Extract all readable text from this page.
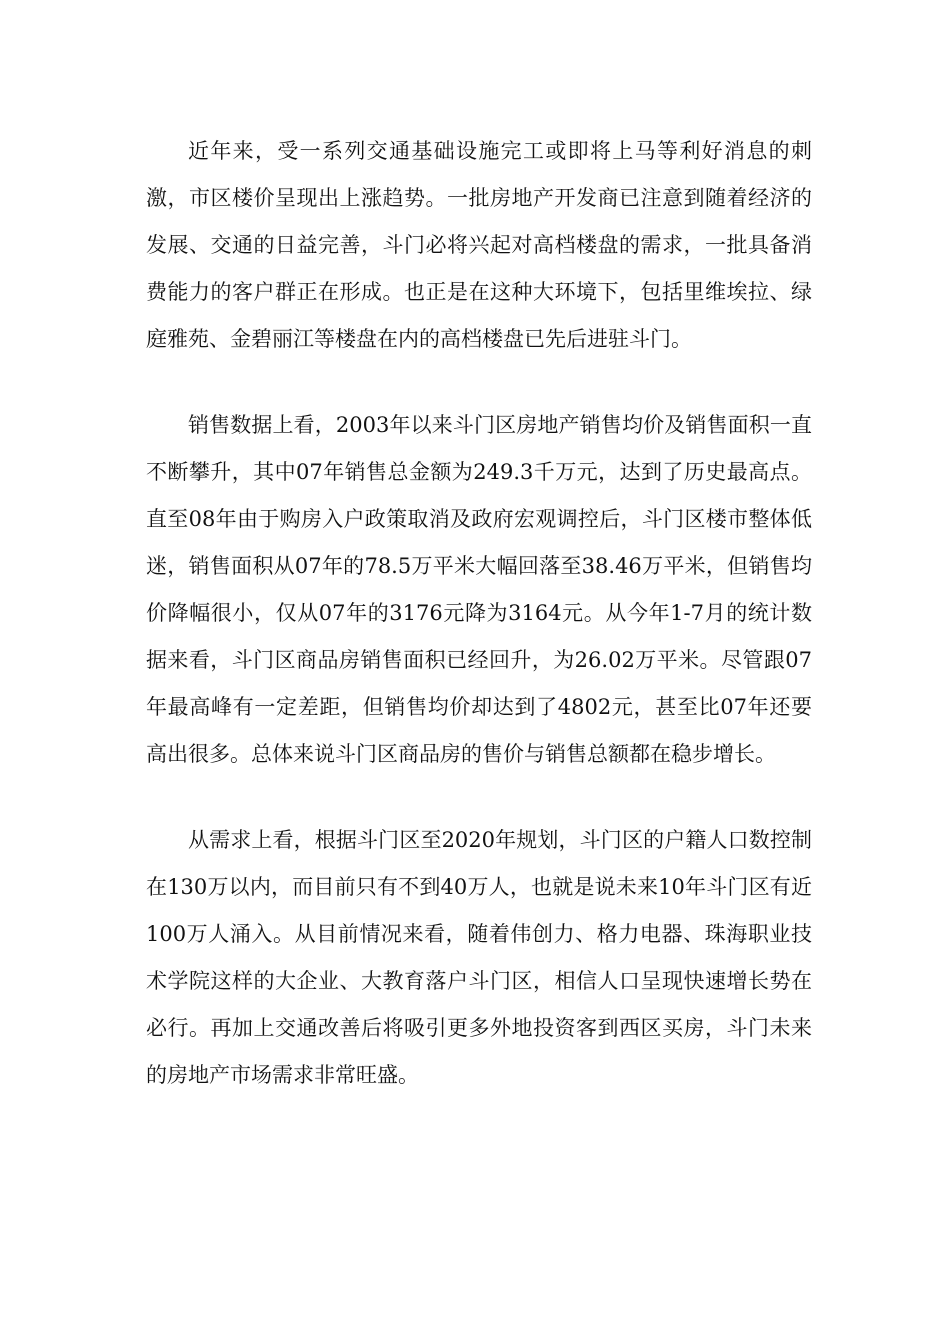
近年来，受一系列交通基础设施完工或即将上马等利好消息的刺激，市区楼价呈现出上涨趋势。一批房地产开发商已注意到随着经济的发展、交通的日益完善，斗门必将兴起对高档楼盘的需求，一批具备消费能力的客户群正在形成。也正是在这种大环境下，包括里维埃拉、绿庭雅苑、金碧丽江等楼盘在内的高档楼盘已先后进驻斗门。

销售数据上看，2003年以来斗门区房地产销售均价及销售面积一直不断攀升，其中07年销售总金额为249.3千万元，达到了历史最高点。直至08年由于购房入户政策取消及政府宏观调控后，斗门区楼市整体低迷，销售面积从07年的78.5万平米大幅回落至38.46万平米，但销售均价降幅很小，仅从07年的3176元降为3164元。从今年1-7月的统计数据来看，斗门区商品房销售面积已经回升，为26.02万平米。尽管跟07年最高峰有一定差距，但销售均价却达到了4802元，甚至比07年还要高出很多。总体来说斗门区商品房的售价与销售总额都在稳步增长。

从需求上看，根据斗门区至2020年规划，斗门区的户籍人口数控制在130万以内，而目前只有不到40万人，也就是说未来10年斗门区有近100万人涌入。从目前情况来看，随着伟创力、格力电器、珠海职业技术学院这样的大企业、大教育落户斗门区，相信人口呈现快速增长势在必行。再加上交通改善后将吸引更多外地投资客到西区买房，斗门未来的房地产市场需求非常旺盛。
